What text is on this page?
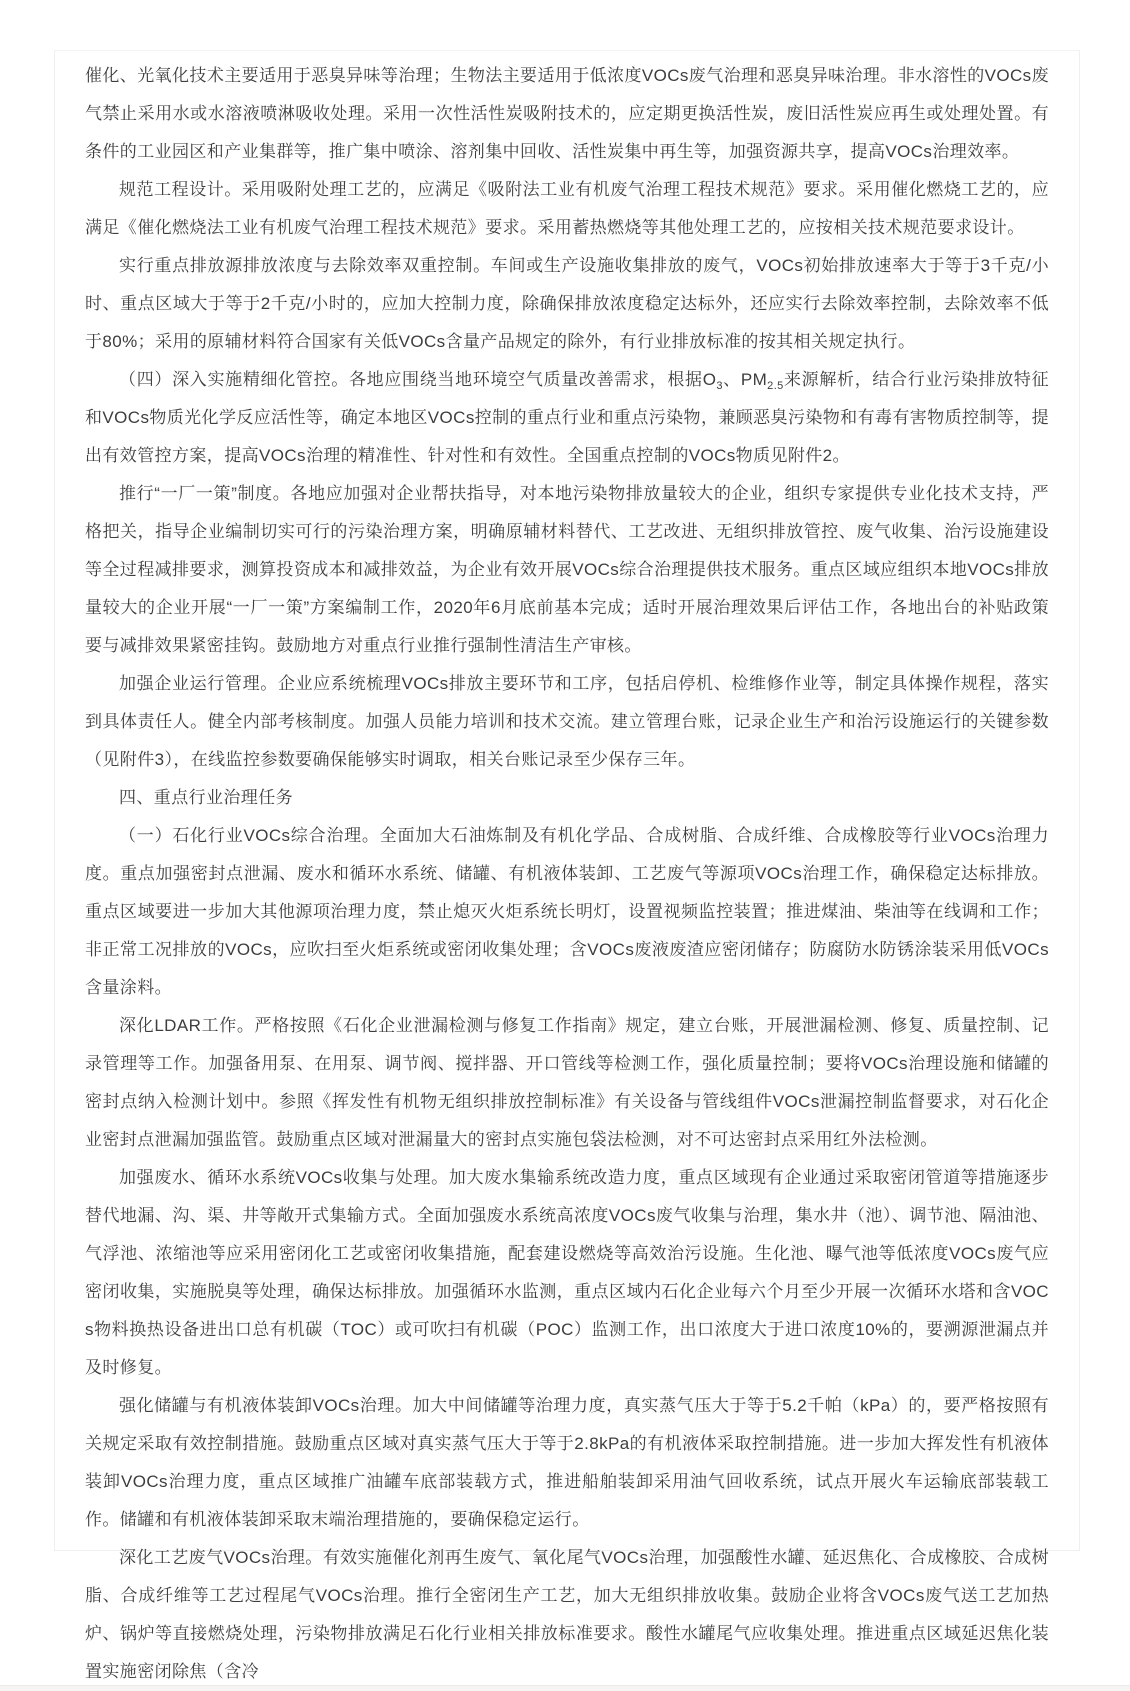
催化、光氧化技术主要适用于恶臭异味等治理；生物法主要适用于低浓度VOCs废气治理和恶臭异味治理。非水溶性的VOCs废气禁止采用水或水溶液喷淋吸收处理。采用一次性活性炭吸附技术的，应定期更换活性炭，废旧活性炭应再生或处理处置。有条件的工业园区和产业集群等，推广集中喷涂、溶剂集中回收、活性炭集中再生等，加强资源共享，提高VOCs治理效率。

规范工程设计。采用吸附处理工艺的，应满足《吸附法工业有机废气治理工程技术规范》要求。采用催化燃烧工艺的，应满足《催化燃烧法工业有机废气治理工程技术规范》要求。采用蓄热燃烧等其他处理工艺的，应按相关技术规范要求设计。

实行重点排放源排放浓度与去除效率双重控制。车间或生产设施收集排放的废气，VOCs初始排放速率大于等于3千克/小时、重点区域大于等于2千克/小时的，应加大控制力度，除确保排放浓度稳定达标外，还应实行去除效率控制，去除效率不低于80%；采用的原辅材料符合国家有关低VOCs含量产品规定的除外，有行业排放标准的按其相关规定执行。

（四）深入实施精细化管控。各地应围绕当地环境空气质量改善需求，根据$O_3$、$PM_{2.5}$来源解析，结合行业污染排放特征和VOCs物质光化学反应活性等，确定本地区VOCs控制的重点行业和重点污染物，兼顾恶臭污染物和有毒有害物质控制等，提出有效管控方案，提高VOCs治理的精准性、针对性和有效性。全国重点控制的VOCs物质见附件2。

推行“一厂一策”制度。各地应加强对企业帮扶指导，对本地污染物排放量较大的企业，组织专家提供专业化技术支持，严格把关，指导企业编制切实可行的污染治理方案，明确原辅材料替代、工艺改进、无组织排放管控、废气收集、治污设施建设等全过程减排要求，测算投资成本和减排效益，为企业有效开展VOCs综合治理提供技术服务。重点区域应组织本地VOCs排放量较大的企业开展“一厂一策”方案编制工作，2020年6月底前基本完成；适时开展治理效果后评估工作，各地出台的补贴政策要与减排效果紧密挂钩。鼓励地方对重点行业推行强制性清洁生产审核。

加强企业运行管理。企业应系统梳理VOCs排放主要环节和工序，包括启停机、检维修作业等，制定具体操作规程，落实到具体责任人。健全内部考核制度。加强人员能力培训和技术交流。建立管理台账，记录企业生产和治污设施运行的关键参数（见附件3），在线监控参数要确保能够实时调取，相关台账记录至少保存三年。

四、重点行业治理任务

（一）石化行业VOCs综合治理。全面加大石油炼制及有机化学品、合成树脂、合成纤维、合成橡胶等行业VOCs治理力度。重点加强密封点泄漏、废水和循环水系统、储罐、有机液体装卸、工艺废气等源项VOCs治理工作，确保稳定达标排放。重点区域要进一步加大其他源项治理力度，禁止熄灭火炬系统长明灯，设置视频监控装置；推进煤油、柴油等在线调和工作；非正常工况排放的VOCs，应吹扫至火炬系统或密闭收集处理；含VOCs废液废渣应密闭储存；防腐防水防锈涂装采用低VOCs含量涂料。

深化LDAR工作。严格按照《石化企业泄漏检测与修复工作指南》规定，建立台账，开展泄漏检测、修复、质量控制、记录管理等工作。加强备用泵、在用泵、调节阀、搅拌器、开口管线等检测工作，强化质量控制；要将VOCs治理设施和储罐的密封点纳入检测计划中。参照《挥发性有机物无组织排放控制标准》有关设备与管线组件VOCs泄漏控制监督要求，对石化企业密封点泄漏加强监管。鼓励重点区域对泄漏量大的密封点实施包袋法检测，对不可达密封点采用红外法检测。

加强废水、循环水系统VOCs收集与处理。加大废水集输系统改造力度，重点区域现有企业通过采取密闭管道等措施逐步替代地漏、沟、渠、井等敞开式集输方式。全面加强废水系统高浓度VOCs废气收集与治理，集水井（池）、调节池、隔油池、气浮池、浓缩池等应采用密闭化工艺或密闭收集措施，配套建设燃烧等高效治污设施。生化池、曝气池等低浓度VOCs废气应密闭收集，实施脱臭等处理，确保达标排放。加强循环水监测，重点区域内石化企业每六个月至少开展一次循环水塔和含VOCs物料换热设备进出口总有机碳（TOC）或可吹扫有机碳（POC）监测工作，出口浓度大于进口浓度10%的，要溯源泄漏点并及时修复。

强化储罐与有机液体装卸VOCs治理。加大中间储罐等治理力度，真实蒸气压大于等于5.2千帕（kPa）的，要严格按照有关规定采取有效控制措施。鼓励重点区域对真实蒸气压大于等于2.8kPa的有机液体采取控制措施。进一步加大挥发性有机液体装卸VOCs治理力度，重点区域推广油罐车底部装载方式，推进船舶装卸采用油气回收系统，试点开展火车运输底部装载工作。储罐和有机液体装卸采取末端治理措施的，要确保稳定运行。

深化工艺废气VOCs治理。有效实施催化剂再生废气、氧化尾气VOCs治理，加强酸性水罐、延迟焦化、合成橡胶、合成树脂、合成纤维等工艺过程尾气VOCs治理。推行全密闭生产工艺，加大无组织排放收集。鼓励企业将含VOCs废气送工艺加热炉、锅炉等直接燃烧处理，污染物排放满足石化行业相关排放标准要求。酸性水罐尾气应收集处理。推进重点区域延迟焦化装置实施密闭除焦（含冷
